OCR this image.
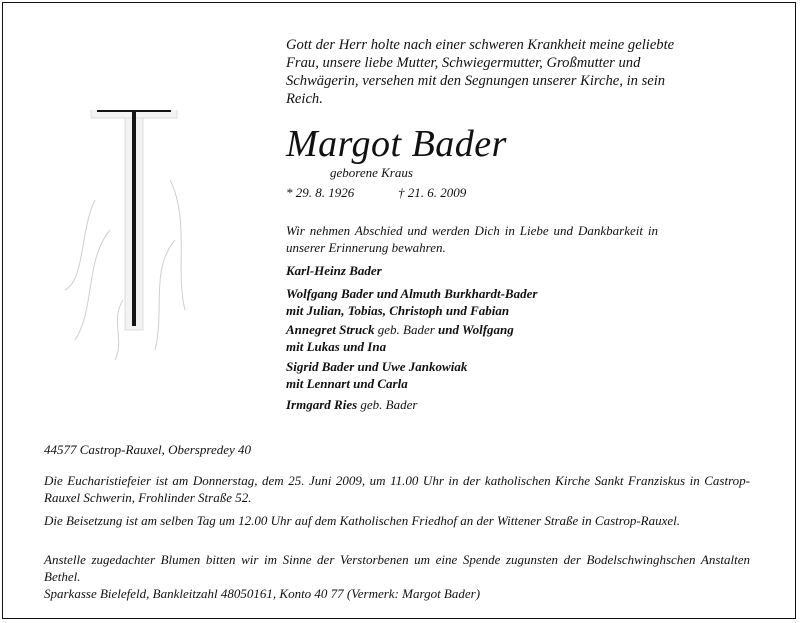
Gott der Herr holte nach einer schweren Krankheit meine geliebte Frau, unsere liebe Mutter, Schwiegermutter, Großmutter und Schwägerin, versehen mit den Segnungen unserer Kirche, in sein Reich.
Margot Bader
geborene Kraus
* 29. 8. 1926	† 21. 6. 2009
Wir nehmen Abschied und werden Dich in Liebe und Dankbarkeit in unserer Erinnerung bewahren.
Karl-Heinz Bader
Wolfgang Bader und Almuth Burkhardt-Bader
mit Julian, Tobias, Christoph und Fabian
Annegret Struck geb. Bader und Wolfgang
mit Lukas und Ina
Sigrid Bader und Uwe Jankowiak
mit Lennart und Carla
Irmgard Ries geb. Bader
44577 Castrop-Rauxel, Oberspredey 40
Die Eucharistiefeier ist am Donnerstag, dem 25. Juni 2009, um 11.00 Uhr in der katholischen Kirche Sankt Franziskus in Castrop-Rauxel Schwerin, Frohlinder Straße 52.
Die Beisetzung ist am selben Tag um 12.00 Uhr auf dem Katholischen Friedhof an der Wittener Straße in Castrop-Rauxel.
Anstelle zugedachter Blumen bitten wir im Sinne der Verstorbenen um eine Spende zugunsten der Bodelschwinghschen Anstalten Bethel.
Sparkasse Bielefeld, Bankleitzahl 48050161, Konto 40 77 (Vermerk: Margot Bader)
